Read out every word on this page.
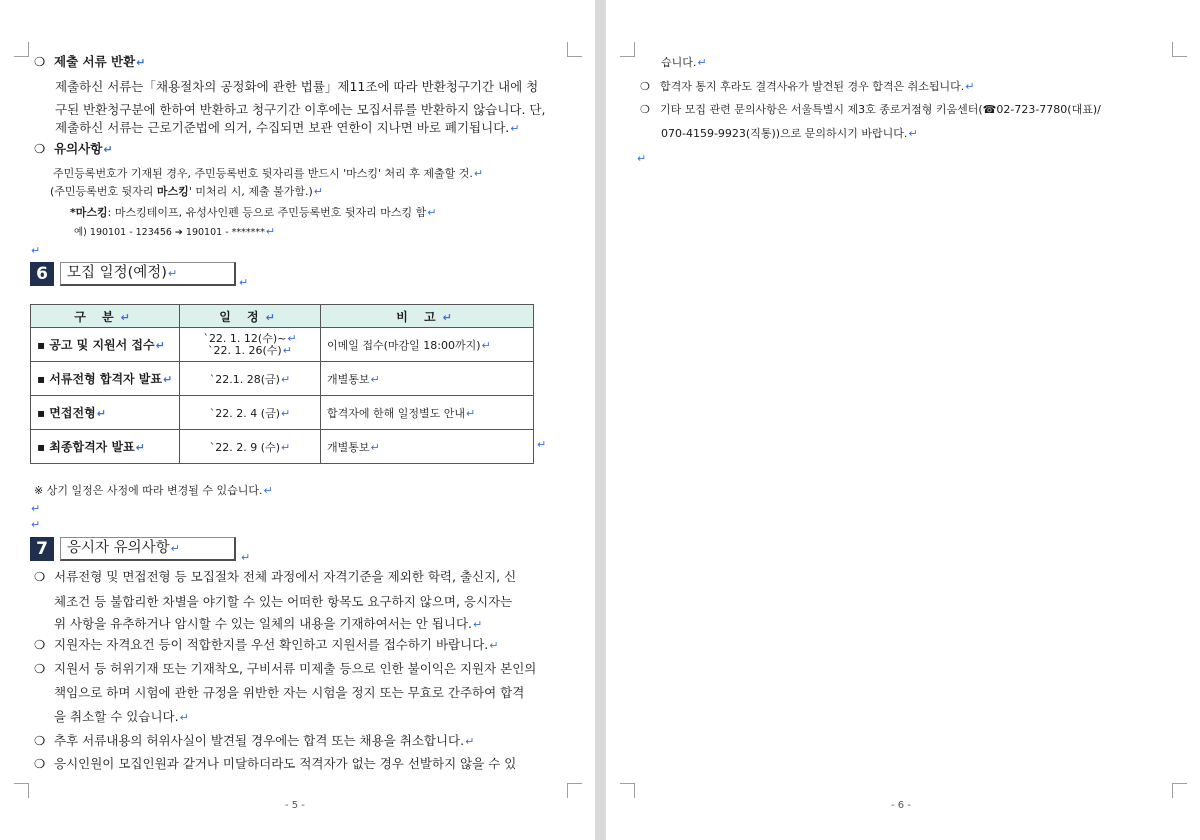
❍ 제출 서류 반환↵
제출하신 서류는「채용절차의 공정화에 관한 법률」제11조에 따라 반환청구기간 내에 청
구된 반환청구분에 한하여 반환하고 청구기간 이후에는 모집서류를 반환하지 않습니다. 단,
제출하신 서류는 근로기준법에 의거, 수집되면 보관 연한이 지나면 바로 폐기됩니다.↵
❍ 유의사항↵
주민등록번호가 기재된 경우, 주민등록번호 뒷자리를 반드시 '마스킹' 처리 후 제출할 것.↵
(주민등록번호 뒷자리 마스킹' 미처리 시, 제출 불가함.)↵
*마스킹: 마스킹테이프, 유성사인펜 등으로 주민등록번호 뒷자리 마스킹 함↵
예) 190101 - 123456 ➔ 190101 - *******↵
↵
6	모집 일정(예정)↵
↵
구 분↵	일 정↵	비 고↵
▪ 공고 및 지원서 접수↵	`22. 1. 12(수)~↵
`22. 1. 26(수)↵	이메일 접수(마감일 18:00까지)↵
▪ 서류전형 합격자 발표↵	`22.1. 28(금)↵	개별통보↵
▪ 면접전형↵	`22. 2. 4 (금)↵	합격자에 한해 일정별도 안내↵
▪ 최종합격자 발표↵	`22. 2. 9 (수)↵	개별통보↵	↵
※ 상기 일정은 사정에 따라 변경될 수 있습니다.↵
↵
↵
7	응시자 유의사항↵
↵
❍ 서류전형 및 면접전형 등 모집절차 전체 과정에서 자격기준을 제외한 학력, 출신지, 신
체조건 등 불합리한 차별을 야기할 수 있는 어떠한 항목도 요구하지 않으며, 응시자는
위 사항을 유추하거나 암시할 수 있는 일체의 내용을 기재하여서는 안 됩니다.↵
❍ 지원자는 자격요건 등이 적합한지를 우선 확인하고 지원서를 접수하기 바랍니다.↵
❍ 지원서 등 허위기재 또는 기재착오, 구비서류 미제출 등으로 인한 불이익은 지원자 본인의
책임으로 하며 시험에 관한 규정을 위반한 자는 시험을 정지 또는 무효로 간주하여 합격
을 취소할 수 있습니다.↵
❍ 추후 서류내용의 허위사실이 발견될 경우에는 합격 또는 채용을 취소합니다.↵
❍ 응시인원이 모집인원과 같거나 미달하더라도 적격자가 없는 경우 선발하지 않을 수 있
- 5 -
습니다.↵
❍ 합격자 통지 후라도 결격사유가 발견된 경우 합격은 취소됩니다.↵
❍ 기타 모집 관련 문의사항은 서울특별시 제3호 종로거점형 키움센터(☎02-723-7780(대표)/
070-4159-9923(직통))으로 문의하시기 바랍니다.↵
↵
- 6 -
